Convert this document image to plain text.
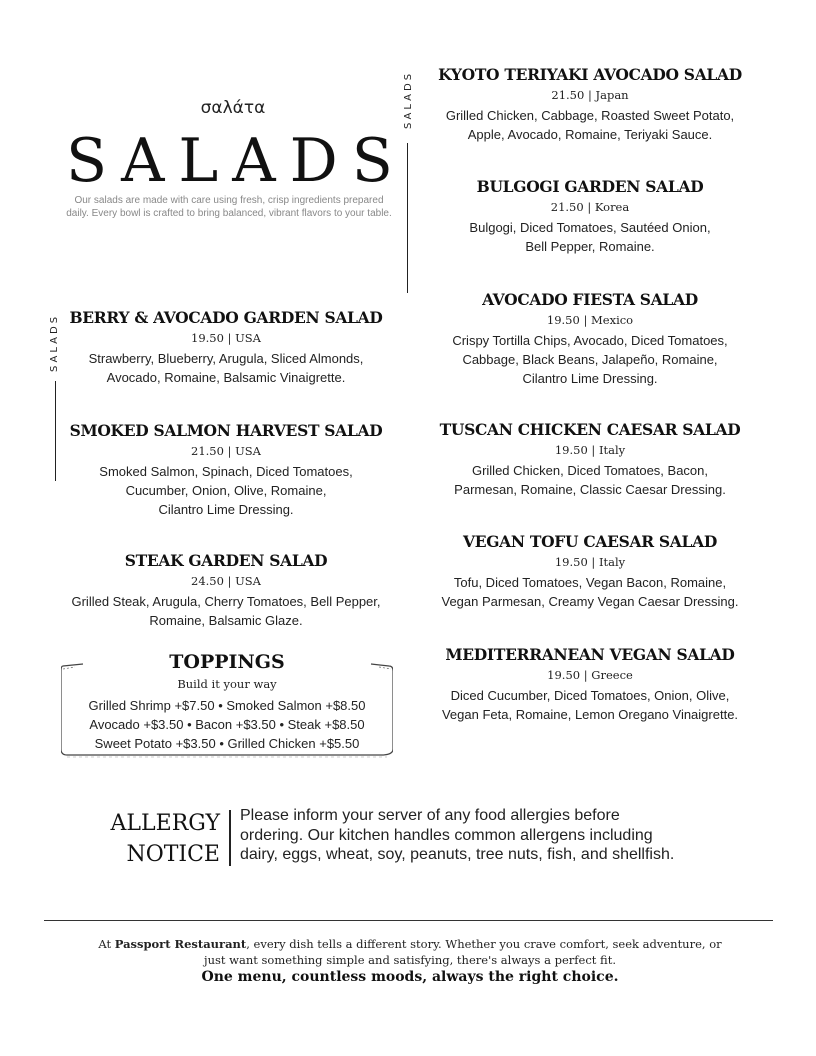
σαλάτα
SALADS
Our salads are made with care using fresh, crisp ingredients prepared daily. Every bowl is crafted to bring balanced, vibrant flavors to your table.
SALADS
SALADS BERRY & AVOCADO GARDEN SALAD
19.50 | USA
Strawberry, Blueberry, Arugula, Sliced Almonds,
Avocado, Romaine, Balsamic Vinaigrette.
SMOKED SALMON HARVEST SALAD
21.50 | USA
Smoked Salmon, Spinach, Diced Tomatoes,
Cucumber, Onion, Olive, Romaine,
Cilantro Lime Dressing.
STEAK GARDEN SALAD
24.50 | USA
Grilled Steak, Arugula, Cherry Tomatoes, Bell Pepper,
Romaine, Balsamic Glaze.
KYOTO TERIYAKI AVOCADO SALAD
21.50 | Japan
Grilled Chicken, Cabbage, Roasted Sweet Potato,
Apple, Avocado, Romaine, Teriyaki Sauce.
BULGOGI GARDEN SALAD
21.50 | Korea
Bulgogi, Diced Tomatoes, Sautéed Onion,
Bell Pepper, Romaine.
AVOCADO FIESTA SALAD
19.50 | Mexico
Crispy Tortilla Chips, Avocado, Diced Tomatoes,
Cabbage, Black Beans, Jalapeño, Romaine,
Cilantro Lime Dressing.
TUSCAN CHICKEN CAESAR SALAD
19.50 | Italy
Grilled Chicken, Diced Tomatoes, Bacon,
Parmesan, Romaine, Classic Caesar Dressing.
VEGAN TOFU CAESAR SALAD
19.50 | Italy
Tofu, Diced Tomatoes, Vegan Bacon, Romaine,
Vegan Parmesan, Creamy Vegan Caesar Dressing.
MEDITERRANEAN VEGAN SALAD
19.50 | Greece
Diced Cucumber, Diced Tomatoes, Onion, Olive,
Vegan Feta, Romaine, Lemon Oregano Vinaigrette.
TOPPINGS
Build it your way
Grilled Shrimp +$7.50 • Smoked Salmon +$8.50
Avocado +$3.50 • Bacon +$3.50 • Steak +$8.50
Sweet Potato +$3.50 • Grilled Chicken +$5.50
ALLERGY
NOTICE
Please inform your server of any food allergies before
ordering. Our kitchen handles common allergens including
dairy, eggs, wheat, soy, peanuts, tree nuts, fish, and shellfish.
At Passport Restaurant, every dish tells a different story. Whether you crave comfort, seek adventure, or
just want something simple and satisfying, there's always a perfect fit.
One menu, countless moods, always the right choice.
